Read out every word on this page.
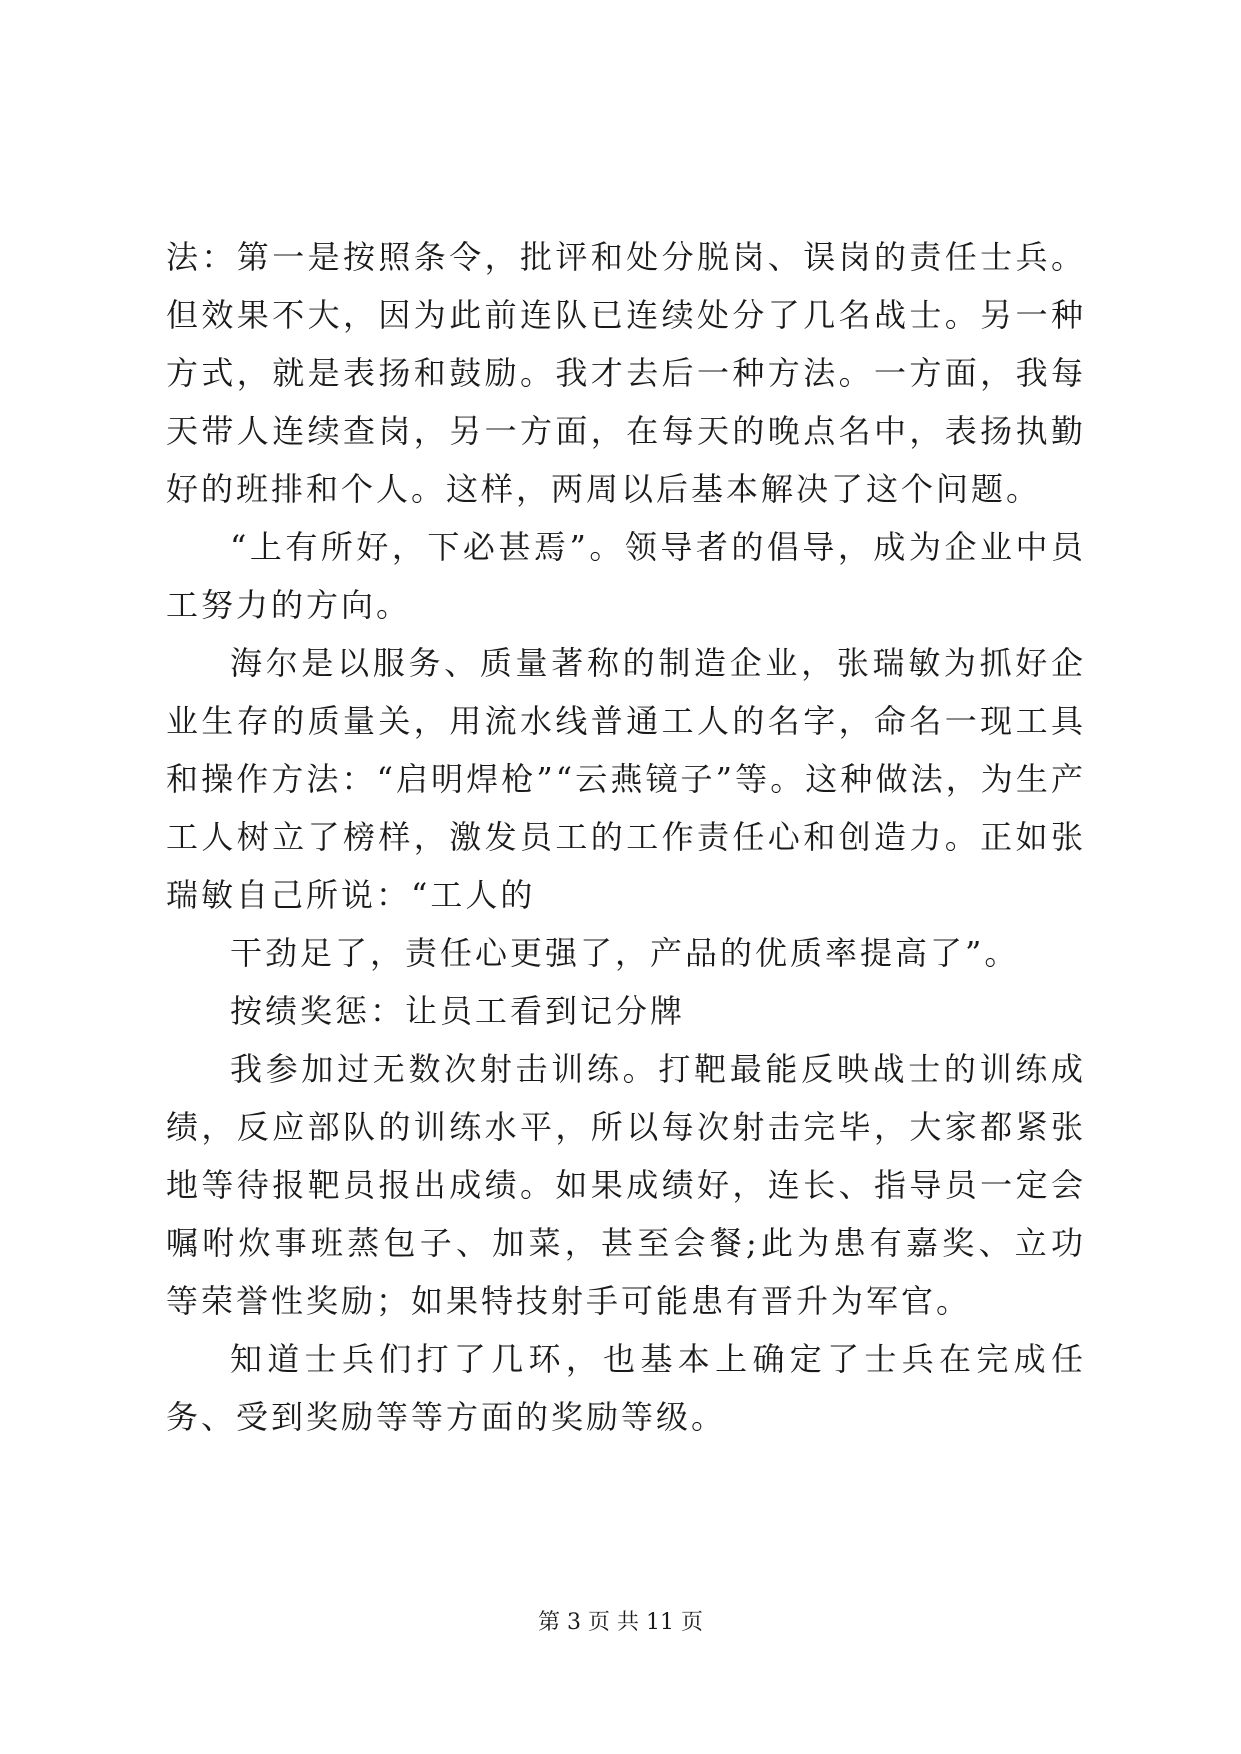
法：第一是按照条令，批评和处分脱岗、误岗的责任士兵。但效果不大，因为此前连队已连续处分了几名战士。另一种方式，就是表扬和鼓励。我才去后一种方法。一方面，我每天带人连续查岗，另一方面，在每天的晚点名中，表扬执勤好的班排和个人。这样，两周以后基本解决了这个问题。

“上有所好，下必甚焉”。领导者的倡导，成为企业中员工努力的方向。

海尔是以服务、质量著称的制造企业，张瑞敏为抓好企业生存的质量关，用流水线普通工人的名字，命名一现工具和操作方法：“启明焊枪”“云燕镜子”等。这种做法，为生产工人树立了榜样，激发员工的工作责任心和创造力。正如张瑞敏自己所说：“工人的

干劲足了，责任心更强了，产品的优质率提高了”。

按绩奖惩：让员工看到记分牌

我参加过无数次射击训练。打靶最能反映战士的训练成绩，反应部队的训练水平，所以每次射击完毕，大家都紧张地等待报靶员报出成绩。如果成绩好，连长、指导员一定会嘱咐炊事班蒸包子、加菜，甚至会餐;此为患有嘉奖、立功等荣誉性奖励；如果特技射手可能患有晋升为军官。

知道士兵们打了几环，也基本上确定了士兵在完成任务、受到奖励等等方面的奖励等级。

第 3 页 共 11 页
